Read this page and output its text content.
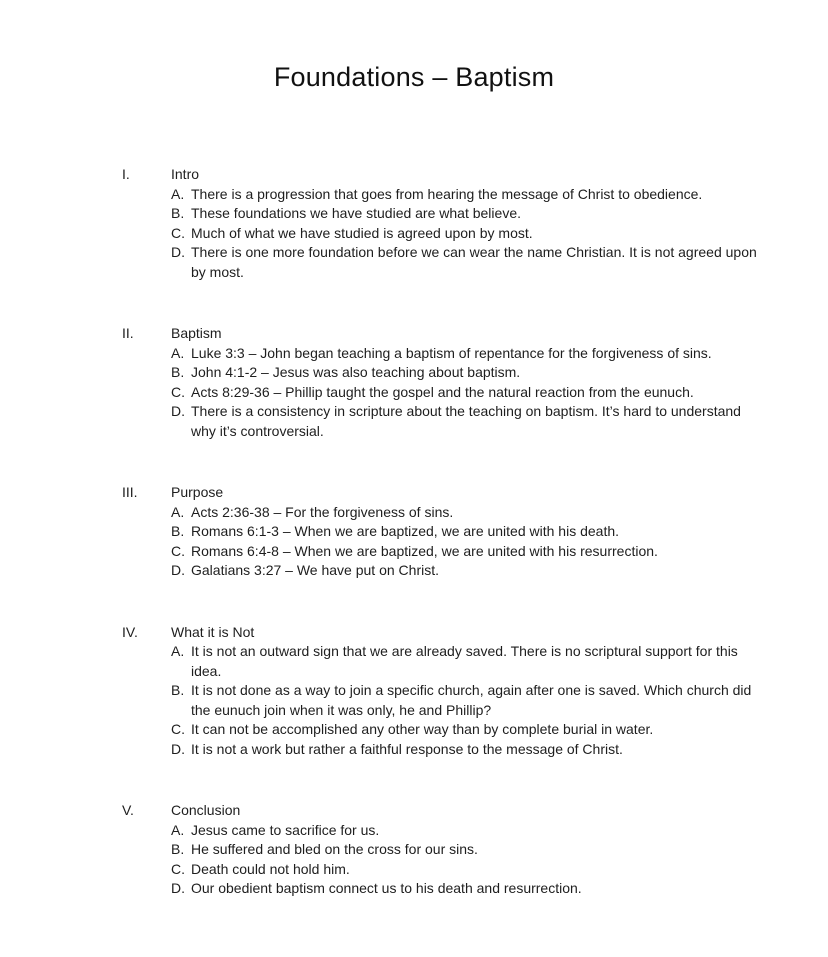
Foundations – Baptism
I.	Intro
A. There is a progression that goes from hearing the message of Christ to obedience.
B. These foundations we have studied are what believe.
C. Much of what we have studied is agreed upon by most.
D. There is one more foundation before we can wear the name Christian. It is not agreed upon by most.
II.	Baptism
A. Luke 3:3 – John began teaching a baptism of repentance for the forgiveness of sins.
B. John 4:1-2 – Jesus was also teaching about baptism.
C. Acts 8:29-36 – Phillip taught the gospel and the natural reaction from the eunuch.
D. There is a consistency in scripture about the teaching on baptism. It’s hard to understand why it’s controversial.
III.	Purpose
A. Acts 2:36-38 – For the forgiveness of sins.
B. Romans 6:1-3 – When we are baptized, we are united with his death.
C. Romans 6:4-8 – When we are baptized, we are united with his resurrection.
D. Galatians 3:27 – We have put on Christ.
IV.	What it is Not
A. It is not an outward sign that we are already saved. There is no scriptural support for this idea.
B. It is not done as a way to join a specific church, again after one is saved. Which church did the eunuch join when it was only, he and Phillip?
C. It can not be accomplished any other way than by complete burial in water.
D. It is not a work but rather a faithful response to the message of Christ.
V.	Conclusion
A. Jesus came to sacrifice for us.
B. He suffered and bled on the cross for our sins.
C. Death could not hold him.
D. Our obedient baptism connect us to his death and resurrection.
